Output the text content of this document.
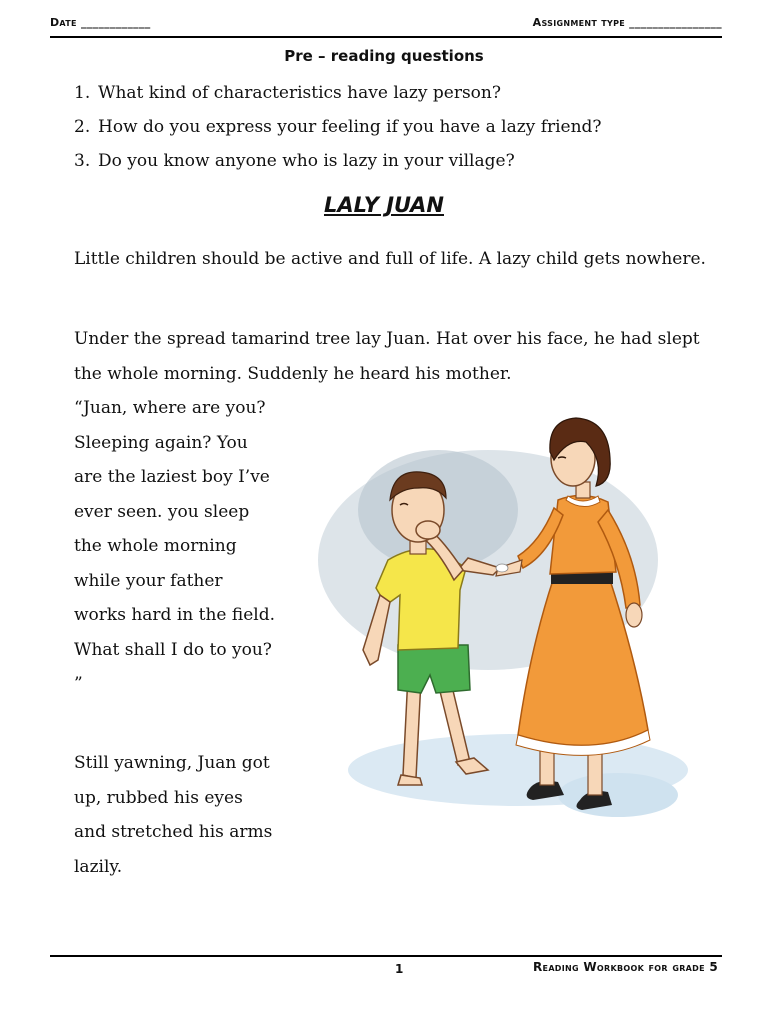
Date ____________	Assignment type ________________
Pre – reading questions
1. What kind of characteristics have lazy person?
2. How do you express your feeling if you have a lazy friend?
3. Do you know anyone who is lazy in your village?
LALY JUAN

Little children should be active and full of life. A lazy child gets nowhere.

Under the spread tamarind tree lay Juan. Hat over his face, he had slept the whole morning. Suddenly he heard his mother.

“Juan, where are you? Sleeping again? You are the laziest boy I’ve ever seen. you sleep the whole morning while your father works hard in the field. What shall I do to you? ”

Still yawning, Juan got up, rubbed his eyes and stretched his arms lazily.

1	Reading Workbook for grade 5
